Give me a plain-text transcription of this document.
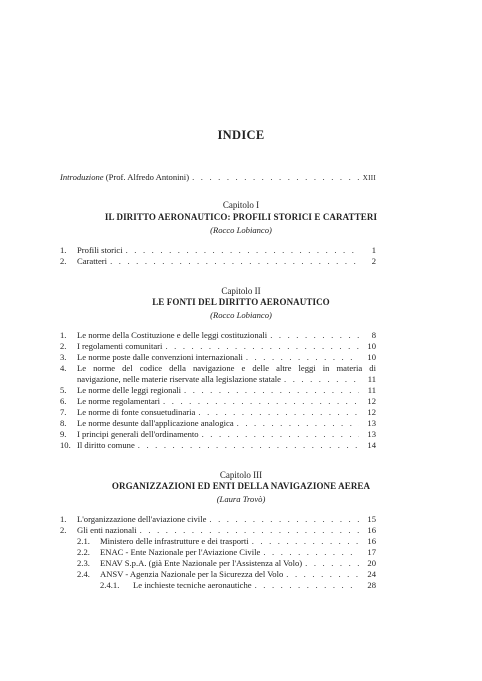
INDICE
Introduzione (Prof. Alfredo Antonini) . . .	XIII
Capitolo I
IL DIRITTO AERONAUTICO: PROFILI STORICI E CARATTERI
(Rocco Lobianco)
1.	Profili storici . . .	1
2.	Caratteri . . .	2
Capitolo II
LE FONTI DEL DIRITTO AERONAUTICO
(Rocco Lobianco)
1.	Le norme della Costituzione e delle leggi costituzionali . . .	8
2.	I regolamenti comunitari . . .	10
3.	Le norme poste dalle convenzioni internazionali . . .	10
4.	Le norme del codice della navigazione e delle altre leggi in materia di
navigazione, nelle materie riservate alla legislazione statale . . .	11
5.	Le norme delle leggi regionali . . .	11
6.	Le norme regolamentari . . .	12
7.	Le norme di fonte consuetudinaria . . .	12
8.	Le norme desunte dall'applicazione analogica . . .	13
9.	I principi generali dell'ordinamento . . .	13
10. Il diritto comune . . .	14
Capitolo III
ORGANIZZAZIONI ED ENTI DELLA NAVIGAZIONE AEREA
(Laura Trovò)
1.	L'organizzazione dell'aviazione civile . . .	15
2.	Gli enti nazionali . . .	16
2.1.	Ministero delle infrastrutture e dei trasporti . . .	16
2.2.	ENAC - Ente Nazionale per l'Aviazione Civile . . .	17
2.3.	ENAV S.p.A. (già Ente Nazionale per l'Assistenza al Volo) . . .	20
2.4.	ANSV - Agenzia Nazionale per la Sicurezza del Volo . . .	24
2.4.1.	Le inchieste tecniche aeronautiche . . .	28
